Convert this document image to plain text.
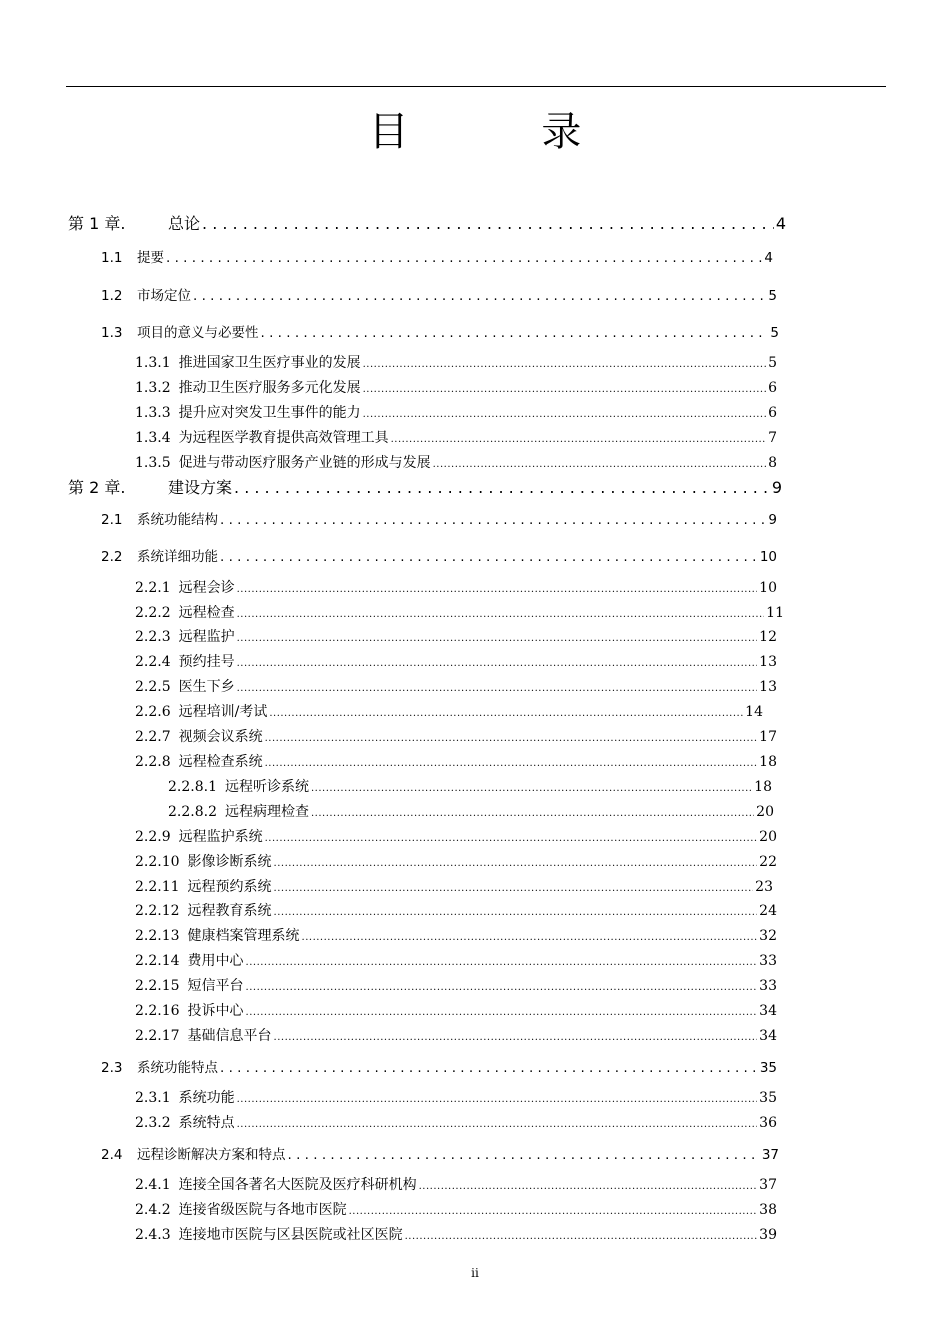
目 录
第 1 章.	总论 . . .	4
1.1	提要 . . .	4
1.2	市场定位 . . .	5
1.3	项目的意义与必要性 . . .	5
1.3.1 推进国家卫生医疗事业的发展 .....	5
1.3.2 推动卫生医疗服务多元化发展 .....	6
1.3.3 提升应对突发卫生事件的能力 .....	6
1.3.4 为远程医学教育提供高效管理工具 .....	7
1.3.5 促进与带动医疗服务产业链的形成与发展 .....	8
第 2 章.	建设方案 . . .	9
2.1	系统功能结构 . . .	9
2.2	系统详细功能 . . .	10
2.2.1 远程会诊 .....	10
2.2.2 远程检查 .....	11
2.2.3 远程监护 .....	12
2.2.4 预约挂号 .....	13
2.2.5 医生下乡 .....	13
2.2.6 远程培训/考试 .....	14
2.2.7 视频会议系统 .....	17
2.2.8 远程检查系统 .....	18
2.2.8.1 远程听诊系统 .....	18
2.2.8.2 远程病理检查 .....	20
2.2.9 远程监护系统 .....	20
2.2.10 影像诊断系统 .....	22
2.2.11 远程预约系统 .....	23
2.2.12 远程教育系统 .....	24
2.2.13 健康档案管理系统 .....	32
2.2.14 费用中心 .....	33
2.2.15 短信平台 .....	33
2.2.16 投诉中心 .....	34
2.2.17 基础信息平台 .....	34
2.3	系统功能特点 . . .	35
2.3.1 系统功能 .....	35
2.3.2 系统特点 .....	36
2.4	远程诊断解决方案和特点 . . .	37
2.4.1 连接全国各著名大医院及医疗科研机构 .....	37
2.4.2 连接省级医院与各地市医院 .....	38
2.4.3 连接地市医院与区县医院或社区医院 .....	39
ii
